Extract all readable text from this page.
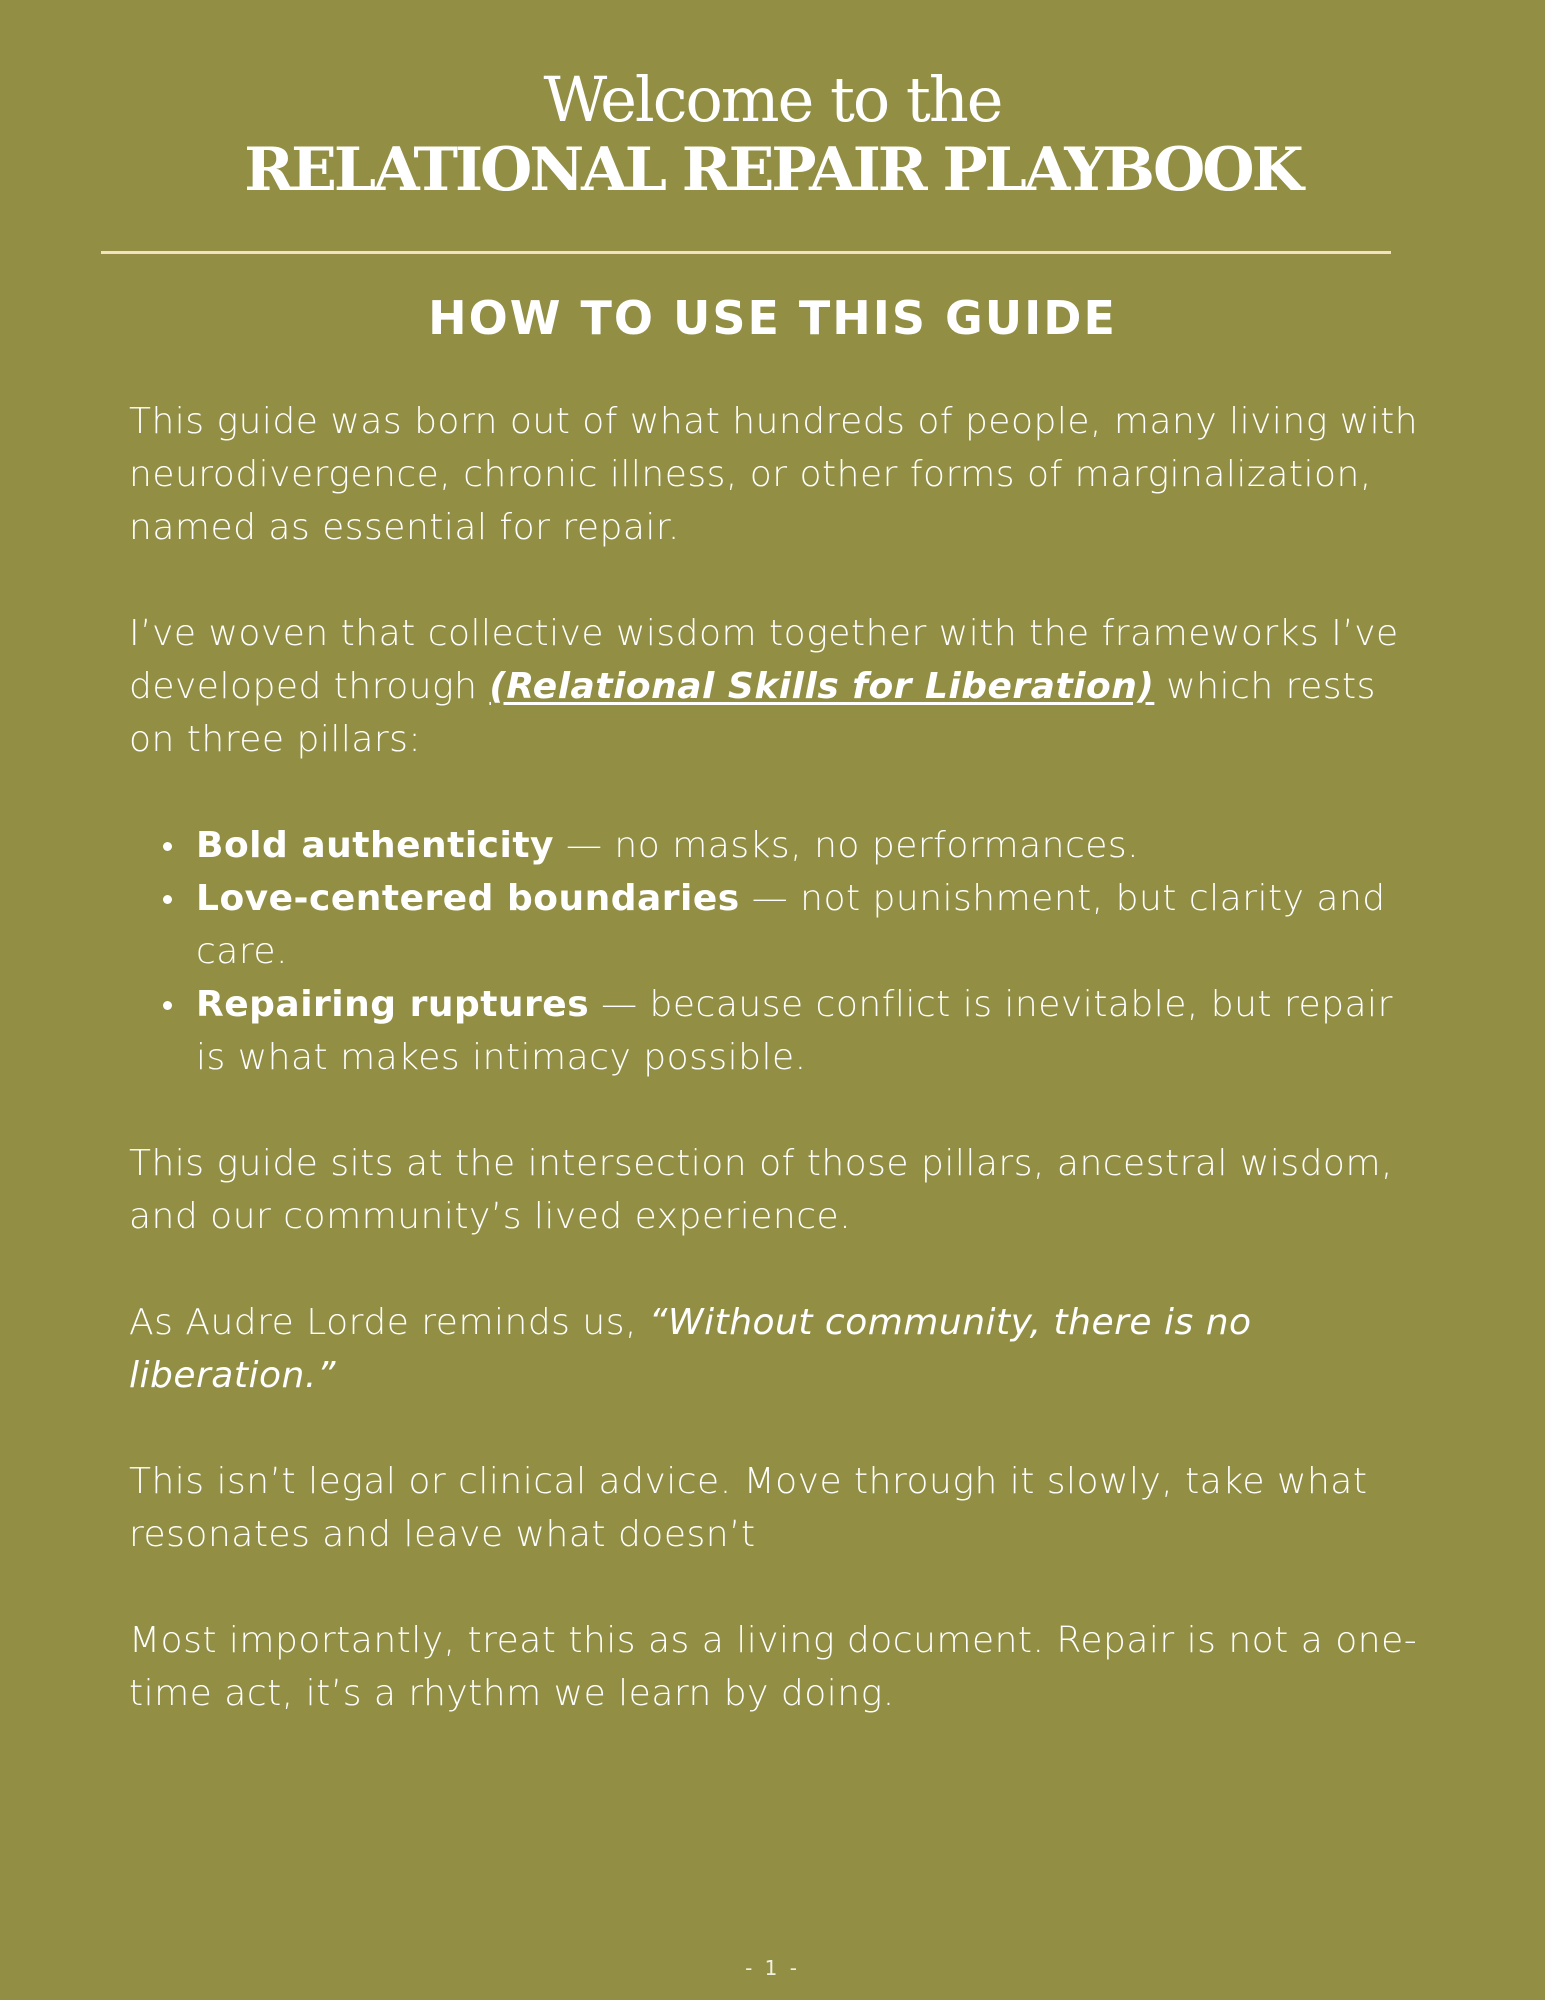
Welcome to the
RELATIONAL REPAIR PLAYBOOK
HOW TO USE THIS GUIDE

This guide was born out of what hundreds of people, many living with neurodivergence, chronic illness, or other forms of marginalization, named as essential for repair.

I’ve woven that collective wisdom together with the frameworks I’ve developed through (Relational Skills for Liberation) which rests on three pillars:

Bold authenticity — no masks, no performances.
Love-centered boundaries — not punishment, but clarity and care.
Repairing ruptures — because conflict is inevitable, but repair is what makes intimacy possible.

This guide sits at the intersection of those pillars, ancestral wisdom, and our community’s lived experience.

As Audre Lorde reminds us, “Without community, there is no liberation.”

This isn’t legal or clinical advice. Move through it slowly, take what resonates and leave what doesn’t

Most importantly, treat this as a living document. Repair is not a one-time act, it’s a rhythm we learn by doing.

- 1 -
